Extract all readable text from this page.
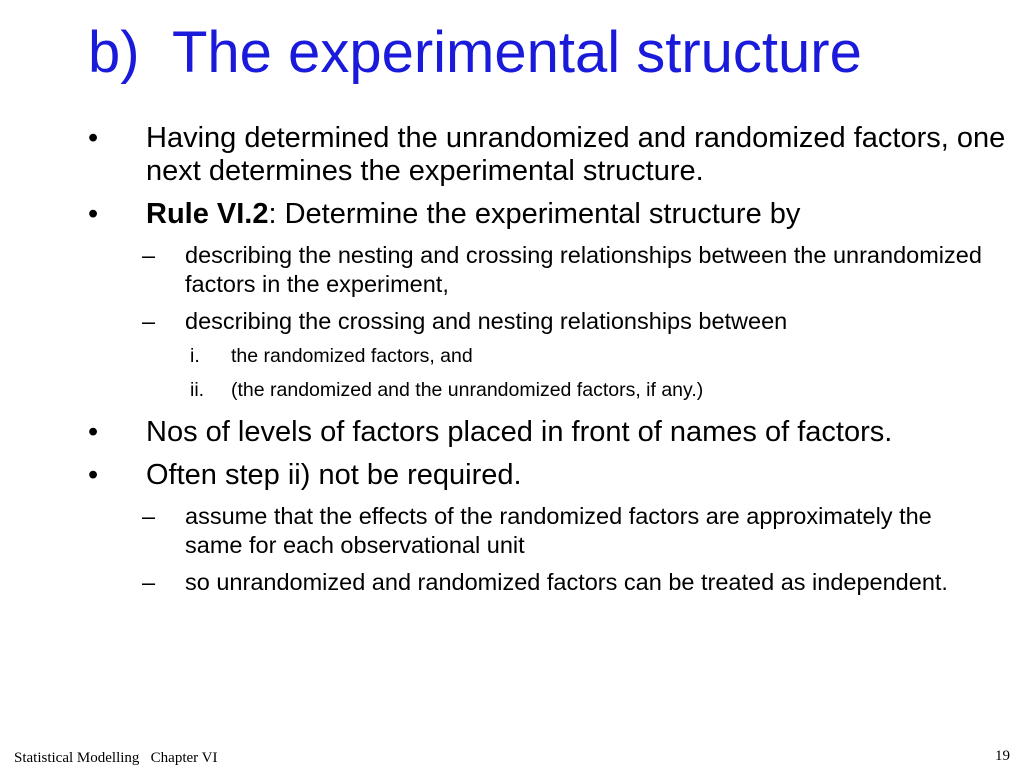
b) The experimental structure
• Having determined the unrandomized and randomized factors, one next determines the experimental structure.
• Rule VI.2: Determine the experimental structure by
– describing the nesting and crossing relationships between the unrandomized factors in the experiment,
– describing the crossing and nesting relationships between
i. the randomized factors, and
ii. (the randomized and the unrandomized factors, if any.)
• Nos of levels of factors placed in front of names of factors.
• Often step ii) not be required.
– assume that the effects of the randomized factors are approximately the same for each observational unit
– so unrandomized and randomized factors can be treated as independent.
Statistical Modelling   Chapter VI	19
